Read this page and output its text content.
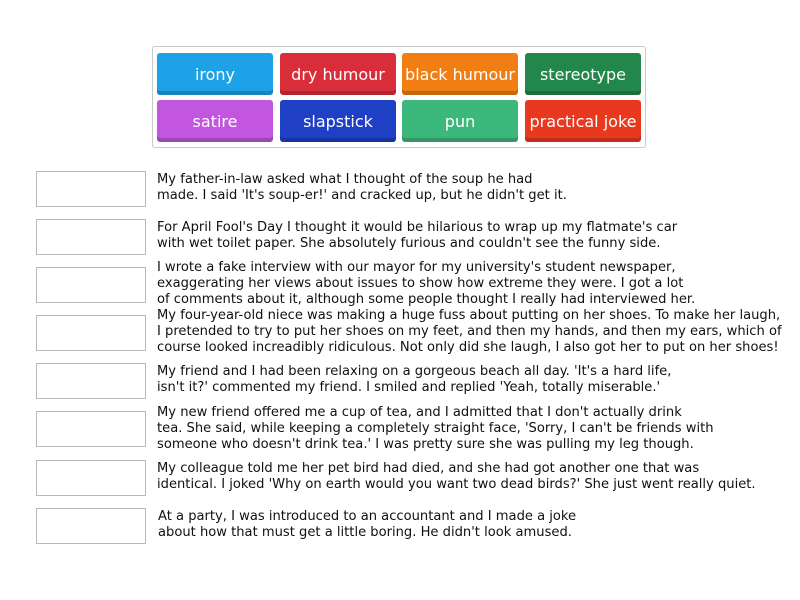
irony	dry humour	black humour	stereotype
satire	slapstick	pun	practical joke
My father-in-law asked what I thought of the soup he had
made. I said 'It's soup-er!' and cracked up, but he didn't get it.
For April Fool's Day I thought it would be hilarious to wrap up my flatmate's car
with wet toilet paper. She absolutely furious and couldn't see the funny side.
I wrote a fake interview with our mayor for my university's student newspaper,
exaggerating her views about issues to show how extreme they were. I got a lot
of comments about it, although some people thought I really had interviewed her.
My four-year-old niece was making a huge fuss about putting on her shoes. To make her laugh,
I pretended to try to put her shoes on my feet, and then my hands, and then my ears, which of
course looked increadibly ridiculous. Not only did she laugh, I also got her to put on her shoes!
My friend and I had been relaxing on a gorgeous beach all day. 'It's a hard life,
isn't it?' commented my friend. I smiled and replied 'Yeah, totally miserable.'
My new friend offered me a cup of tea, and I admitted that I don't actually drink
tea. She said, while keeping a completely straight face, 'Sorry, I can't be friends with
someone who doesn't drink tea.' I was pretty sure she was pulling my leg though.
My colleague told me her pet bird had died, and she had got another one that was
identical. I joked 'Why on earth would you want two dead birds?' She just went really quiet.
At a party, I was introduced to an accountant and I made a joke
about how that must get a little boring. He didn't look amused.
